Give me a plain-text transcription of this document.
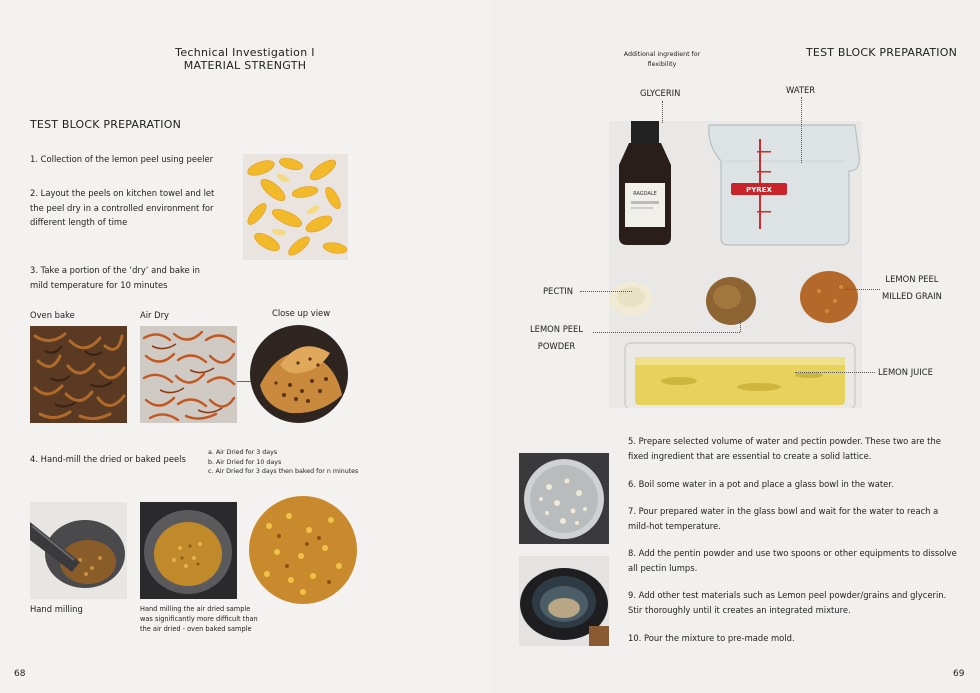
Technical Investigation I
MATERIAL STRENGTH
TEST BLOCK PREPARATION
1. Collection of the lemon peel using peeler
2. Layout the peels on kitchen towel and let
the peel dry in a controlled environment for
different length of time
3. Take a portion of the ‘dry’ and bake in
mild temperature for 10 minutes
Oven bake	Air Dry	Close up view
4. Hand-mill the dried or baked peels
a. Air Dried for 3 days
b. Air Dried for 10 days
c. Air Dried for 3 days then baked for n minutes
Hand milling	Hand milling the air dried sample
was significantly more difficult than
the air dried - oven baked sample
68
TEST BLOCK PREPARATION
Additional ingredient for
flexibility
GLYCERIN	WATER
RAGDALE	PYREX
PECTIN
LEMON PEEL
POWDER
LEMON PEEL
MILLED GRAIN
LEMON JUICE
5. Prepare selected volume of water and pectin powder. These two are the
fixed ingredient that are essential to create a solid lattice.
6. Boil some water in a pot and place a glass bowl in the water.
7. Pour prepared water in the glass bowl and wait for the water to reach a
mild-hot temperature.
8. Add the pentin powder and use two spoons or other equipments to dissolve
all pectin lumps.
9. Add other test materials such as Lemon peel powder/grains and glycerin.
Stir thoroughly until it creates an integrated mixture.
10. Pour the mixture to pre-made mold.
69
